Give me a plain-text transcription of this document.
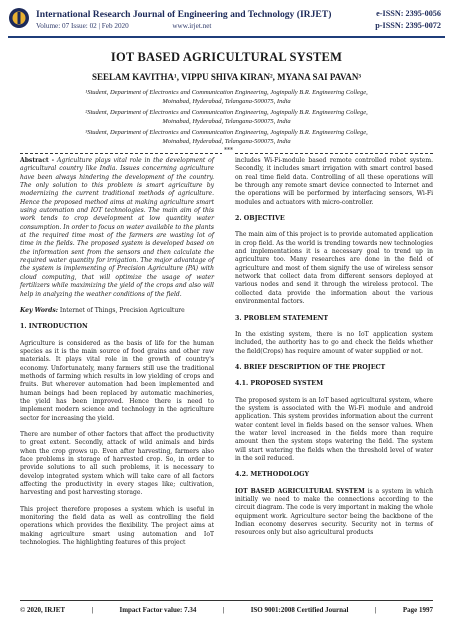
International Research Journal of Engineering and Technology (IRJET)
Volume: 07 Issue: 02 | Feb 2020	www.irjet.net
e-ISSN: 2395-0056
p-ISSN: 2395-0072
IOT BASED AGRICULTURAL SYSTEM
SEELAM KAVITHA¹, VIPPU SHIVA KIRAN², MYANA SAI PAVAN³
¹Student, Department of Electronics and Communication Engineering, Joginpally B.R. Engineering College,
Moinabad, Hyderabad, Telangana-500075, India
²Student, Department of Electronics and Communication Engineering, Joginpally B.R. Engineering College,
Moinabad, Hyderabad, Telangana-500075, India
³Student, Department of Electronics and Communication Engineering, Joginpally B.R. Engineering College,
Moinabad, Hyderabad, Telangana-500075, India
***

Abstract - Agriculture plays vital role in the development of agricultural country like India. Issues concerning agriculture have been always hindering the development of the country. The only solution to this problem is smart agriculture by modernizing the current traditional methods of agriculture. Hence the proposed method aims at making agriculture smart using automation and IOT technologies. The main aim of this work tends to crop development at low quantity water consumption. In order to focus on water available to the plants at the required time most of the farmers are wasting lot of time in the fields. The proposed system is developed based on the information sent from the sensors and then calculate the required water quantity for irrigation. The major advantage of the system is implementing of Precision Agriculture (PA) with cloud computing, that will optimize the usage of water fertilizers while maximizing the yield of the crops and also will help in analyzing the weather conditions of the field.

Key Words: Internet of Things, Precision Agriculture

1. INTRODUCTION

Agriculture is considered as the basis of life for the human species as it is the main source of food grains and other raw materials. It plays vital role in the growth of country's economy. Unfortunately, many farmers still use the traditional methods of farming which results in low yielding of crops and fruits. But wherever automation had been implemented and human beings had been replaced by automatic machineries, the yield has been improved. Hence there is need to implement modern science and technology in the agriculture sector for increasing the yield.

There are number of other factors that affect the productivity to great extent. Secondly, attack of wild animals and birds when the crop grows up. Even after harvesting, farmers also face problems in storage of harvested crop. So, in order to provide solutions to all such problems, it is necessary to develop integrated system which will take care of all factors affecting the productivity in every stages like; cultivation, harvesting and post harvesting storage.

This project therefore proposes a system which is useful in monitoring the field data as well as controlling the field operations which provides the flexibility. The project aims at making agriculture smart using automation and IoT technologies. The highlighting features of this project

includes Wi-Fi-module based remote controlled robot system. Secondly, it includes smart irrigation with smart control based on real time field data. Controlling of all these operations will be through any remote smart device connected to Internet and the operations will be performed by interfacing sensors, Wi-Fi modules and actuators with micro-controller.

2. OBJECTIVE

The main aim of this project is to provide automated application in crop field. As the world is trending towards new technologies and implementations it is a necessary goal to trend up in agriculture too. Many researches are done in the field of agriculture and most of them signify the use of wireless sensor network that collect data from different sensors deployed at various nodes and send it through the wireless protocol. The collected data provide the information about the various environmental factors.

3. PROBLEM STATEMENT

In the existing system, there is no IoT application system included, the authority has to go and check the fields whether the field(Crops) has require amount of water supplied or not.

4. BRIEF DESCRIPTION OF THE PROJECT
4.1. PROPOSED SYSTEM

The proposed system is an IoT based agricultural system, where the system is associated with the Wi-Fi module and android application. This system provides information about the current water content level in fields based on the sensor values. When the water level increased in the fields more than require amount then the system stops watering the field. The system will start watering the fields when the threshold level of water in the soil reduced.

4.2. METHODOLOGY

IOT BASED AGRICULTURAL SYSTEM is a system in which initially we need to make the connections according to the circuit diagram. The code is very important in making the whole equipment work. Agriculture sector being the backbone of the Indian economy deserves security. Security not in terms of resources only but also agricultural products

© 2020, IRJET	|	Impact Factor value: 7.34	|	ISO 9001:2008 Certified Journal	|	Page 1997
